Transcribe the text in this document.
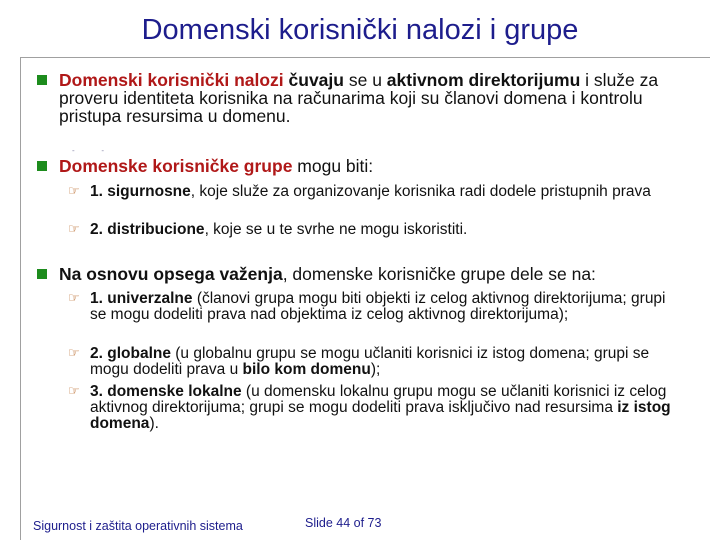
Domenski korisnički nalozi i grupe
Domenski korisnički nalozi čuvaju se u aktivnom direktorijumu i služe za proveru identiteta korisnika na računarima koji su članovi domena i kontrolu pristupa resursima u domenu.
-            -
Domenske korisničke grupe mogu biti:
☞ 1. sigurnosne, koje služe za organizovanje korisnika radi dodele pristupnih prava
☞ 2. distribucione, koje se u te svrhe ne mogu iskoristiti.
Na osnovu opsega važenja, domenske korisničke grupe dele se na:
☞ 1. univerzalne (članovi grupa mogu biti objekti iz celog aktivnog direktorijuma; grupi se mogu dodeliti prava nad objektima iz celog aktivnog direktorijuma);
☞ 2. globalne (u globalnu grupu se mogu učlaniti korisnici iz istog domena; grupi se mogu dodeliti prava u bilo kom domenu);
☞ 3. domenske lokalne (u domensku lokalnu grupu mogu se učlaniti korisnici iz celog aktivnog direktorijuma; grupi se mogu dodeliti prava isključivo nad resursima iz istog domena).
Sigurnost i zaštita operativnih sistema	Slide 44 of 73
